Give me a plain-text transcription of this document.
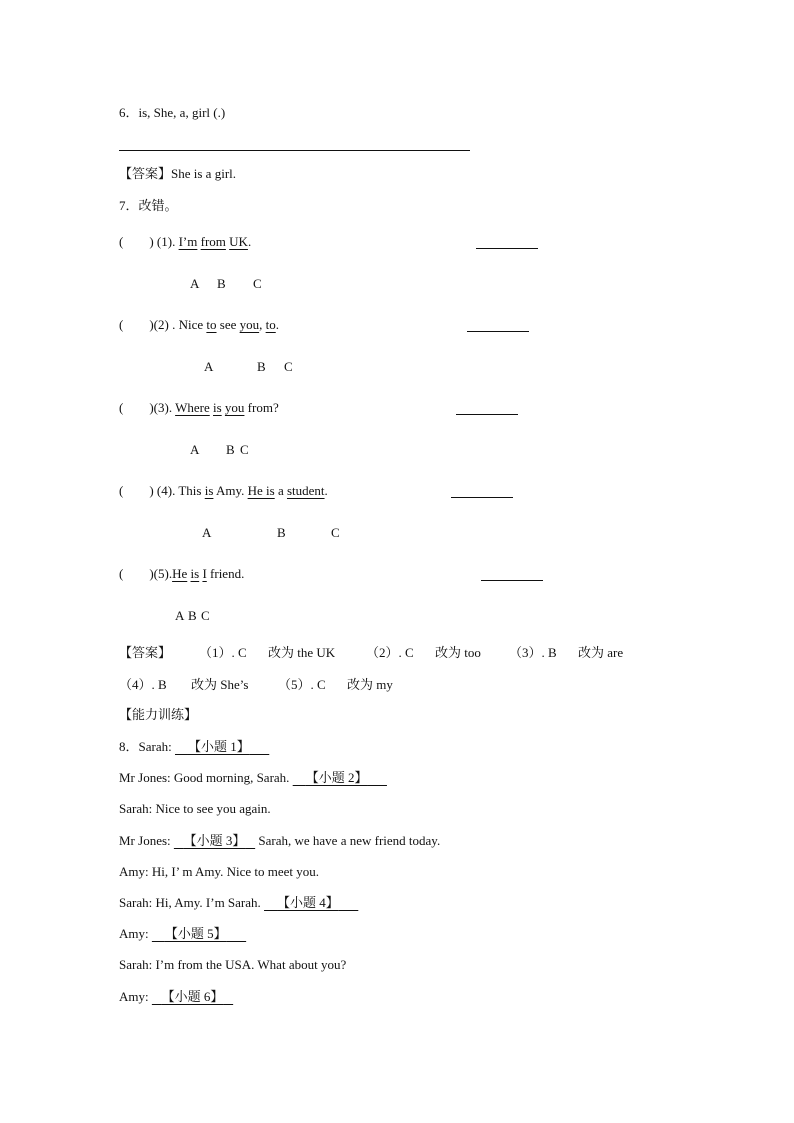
6．is, She, a, girl (.)
【答案】She is a girl.
7．改错。
(　　) (1). I’m from UK.
A B C
(　　)(2) . Nice to see you, to.
A	B C
(　　)(3). Where is you from?
A B C
(　　) (4). This is Amy. He is a student.
A	B	C
(　　)(5).He is I friend.
A B C
【答案】 （1）. C 改为 the UK （2）. C 改为 too （3）. B 改为 are
（4）. B 改为 She’s （5）. C 改为 my
【能力训练】
8．Sarah: 【小题 1】
Mr Jones: Good morning, Sarah. 【小题 2】
Sarah: Nice to see you again.
Mr Jones: 【小题 3】    Sarah, we have a new friend today.
Amy: Hi, I’ m Amy. Nice to meet you.
Sarah: Hi, Amy. I’m Sarah. 【小题 4】
Amy: 【小题 5】
Sarah: I’m from the USA. What about you?
Amy: 【小题 6】
